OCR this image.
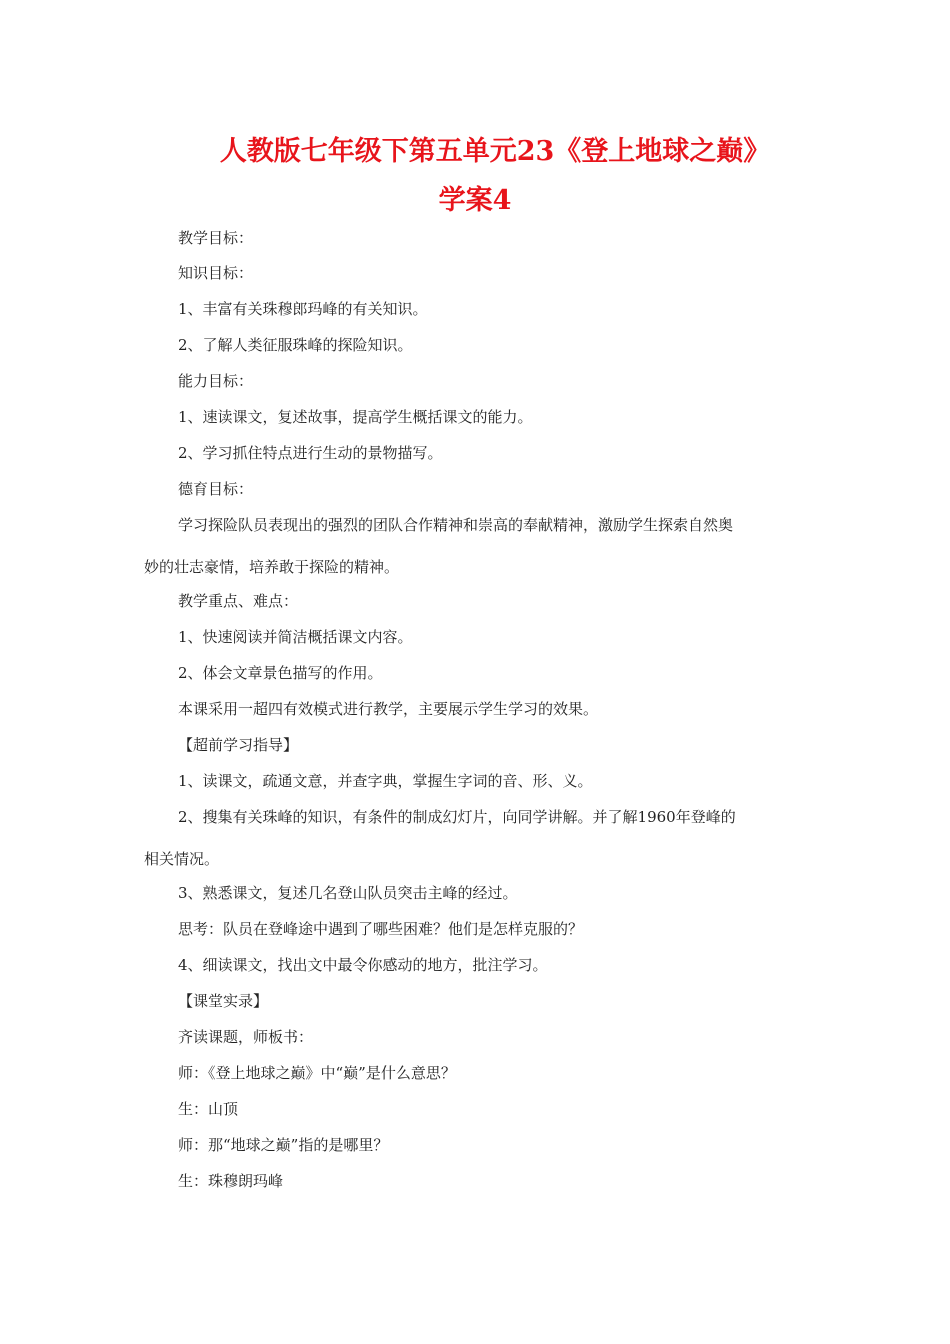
人教版七年级下第五单元23《登上地球之巅》
学案4
教学目标：
知识目标：
1、丰富有关珠穆郎玛峰的有关知识。
2、了解人类征服珠峰的探险知识。
能力目标：
1、速读课文，复述故事，提高学生概括课文的能力。
2、学习抓住特点进行生动的景物描写。
德育目标：
学习探险队员表现出的强烈的团队合作精神和崇高的奉献精神，激励学生探索自然奥
妙的壮志豪情，培养敢于探险的精神。
教学重点、难点：
1、快速阅读并简洁概括课文内容。
2、体会文章景色描写的作用。
本课采用一超四有效模式进行教学，主要展示学生学习的效果。
【超前学习指导】
1、读课文，疏通文意，并查字典，掌握生字词的音、形、义。
2、搜集有关珠峰的知识，有条件的制成幻灯片，向同学讲解。并了解1960年登峰的
相关情况。
3、熟悉课文，复述几名登山队员突击主峰的经过。
思考：队员在登峰途中遇到了哪些困难？他们是怎样克服的？
4、细读课文，找出文中最令你感动的地方，批注学习。
【课堂实录】
齐读课题，师板书：
师：《登上地球之巅》中“巅”是什么意思？
生：山顶
师：那“地球之巅”指的是哪里？
生：珠穆朗玛峰
